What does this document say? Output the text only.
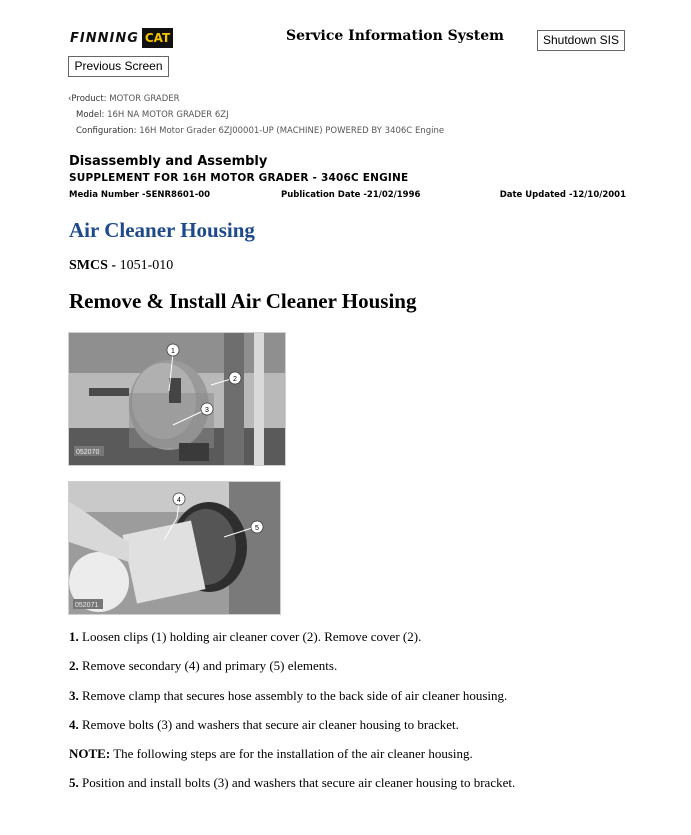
FINNING CAT	Service Information System	Shutdown SIS
Previous Screen
‹Product: MOTOR GRADER
Model: 16H NA MOTOR GRADER 6ZJ
Configuration: 16H Motor Grader 6ZJ00001-UP (MACHINE) POWERED BY 3406C Engine
Disassembly and Assembly
SUPPLEMENT FOR 16H MOTOR GRADER - 3406C ENGINE
Media Number -SENR8601-00	Publication Date -21/02/1996	Date Updated -12/10/2001
Air Cleaner Housing
SMCS - 1051-010
Remove & Install Air Cleaner Housing
1
2
3
052070
4
5
052071
1. Loosen clips (1) holding air cleaner cover (2). Remove cover (2).
2. Remove secondary (4) and primary (5) elements.
3. Remove clamp that secures hose assembly to the back side of air cleaner housing.
4. Remove bolts (3) and washers that secure air cleaner housing to bracket.
NOTE: The following steps are for the installation of the air cleaner housing.
5. Position and install bolts (3) and washers that secure air cleaner housing to bracket.
